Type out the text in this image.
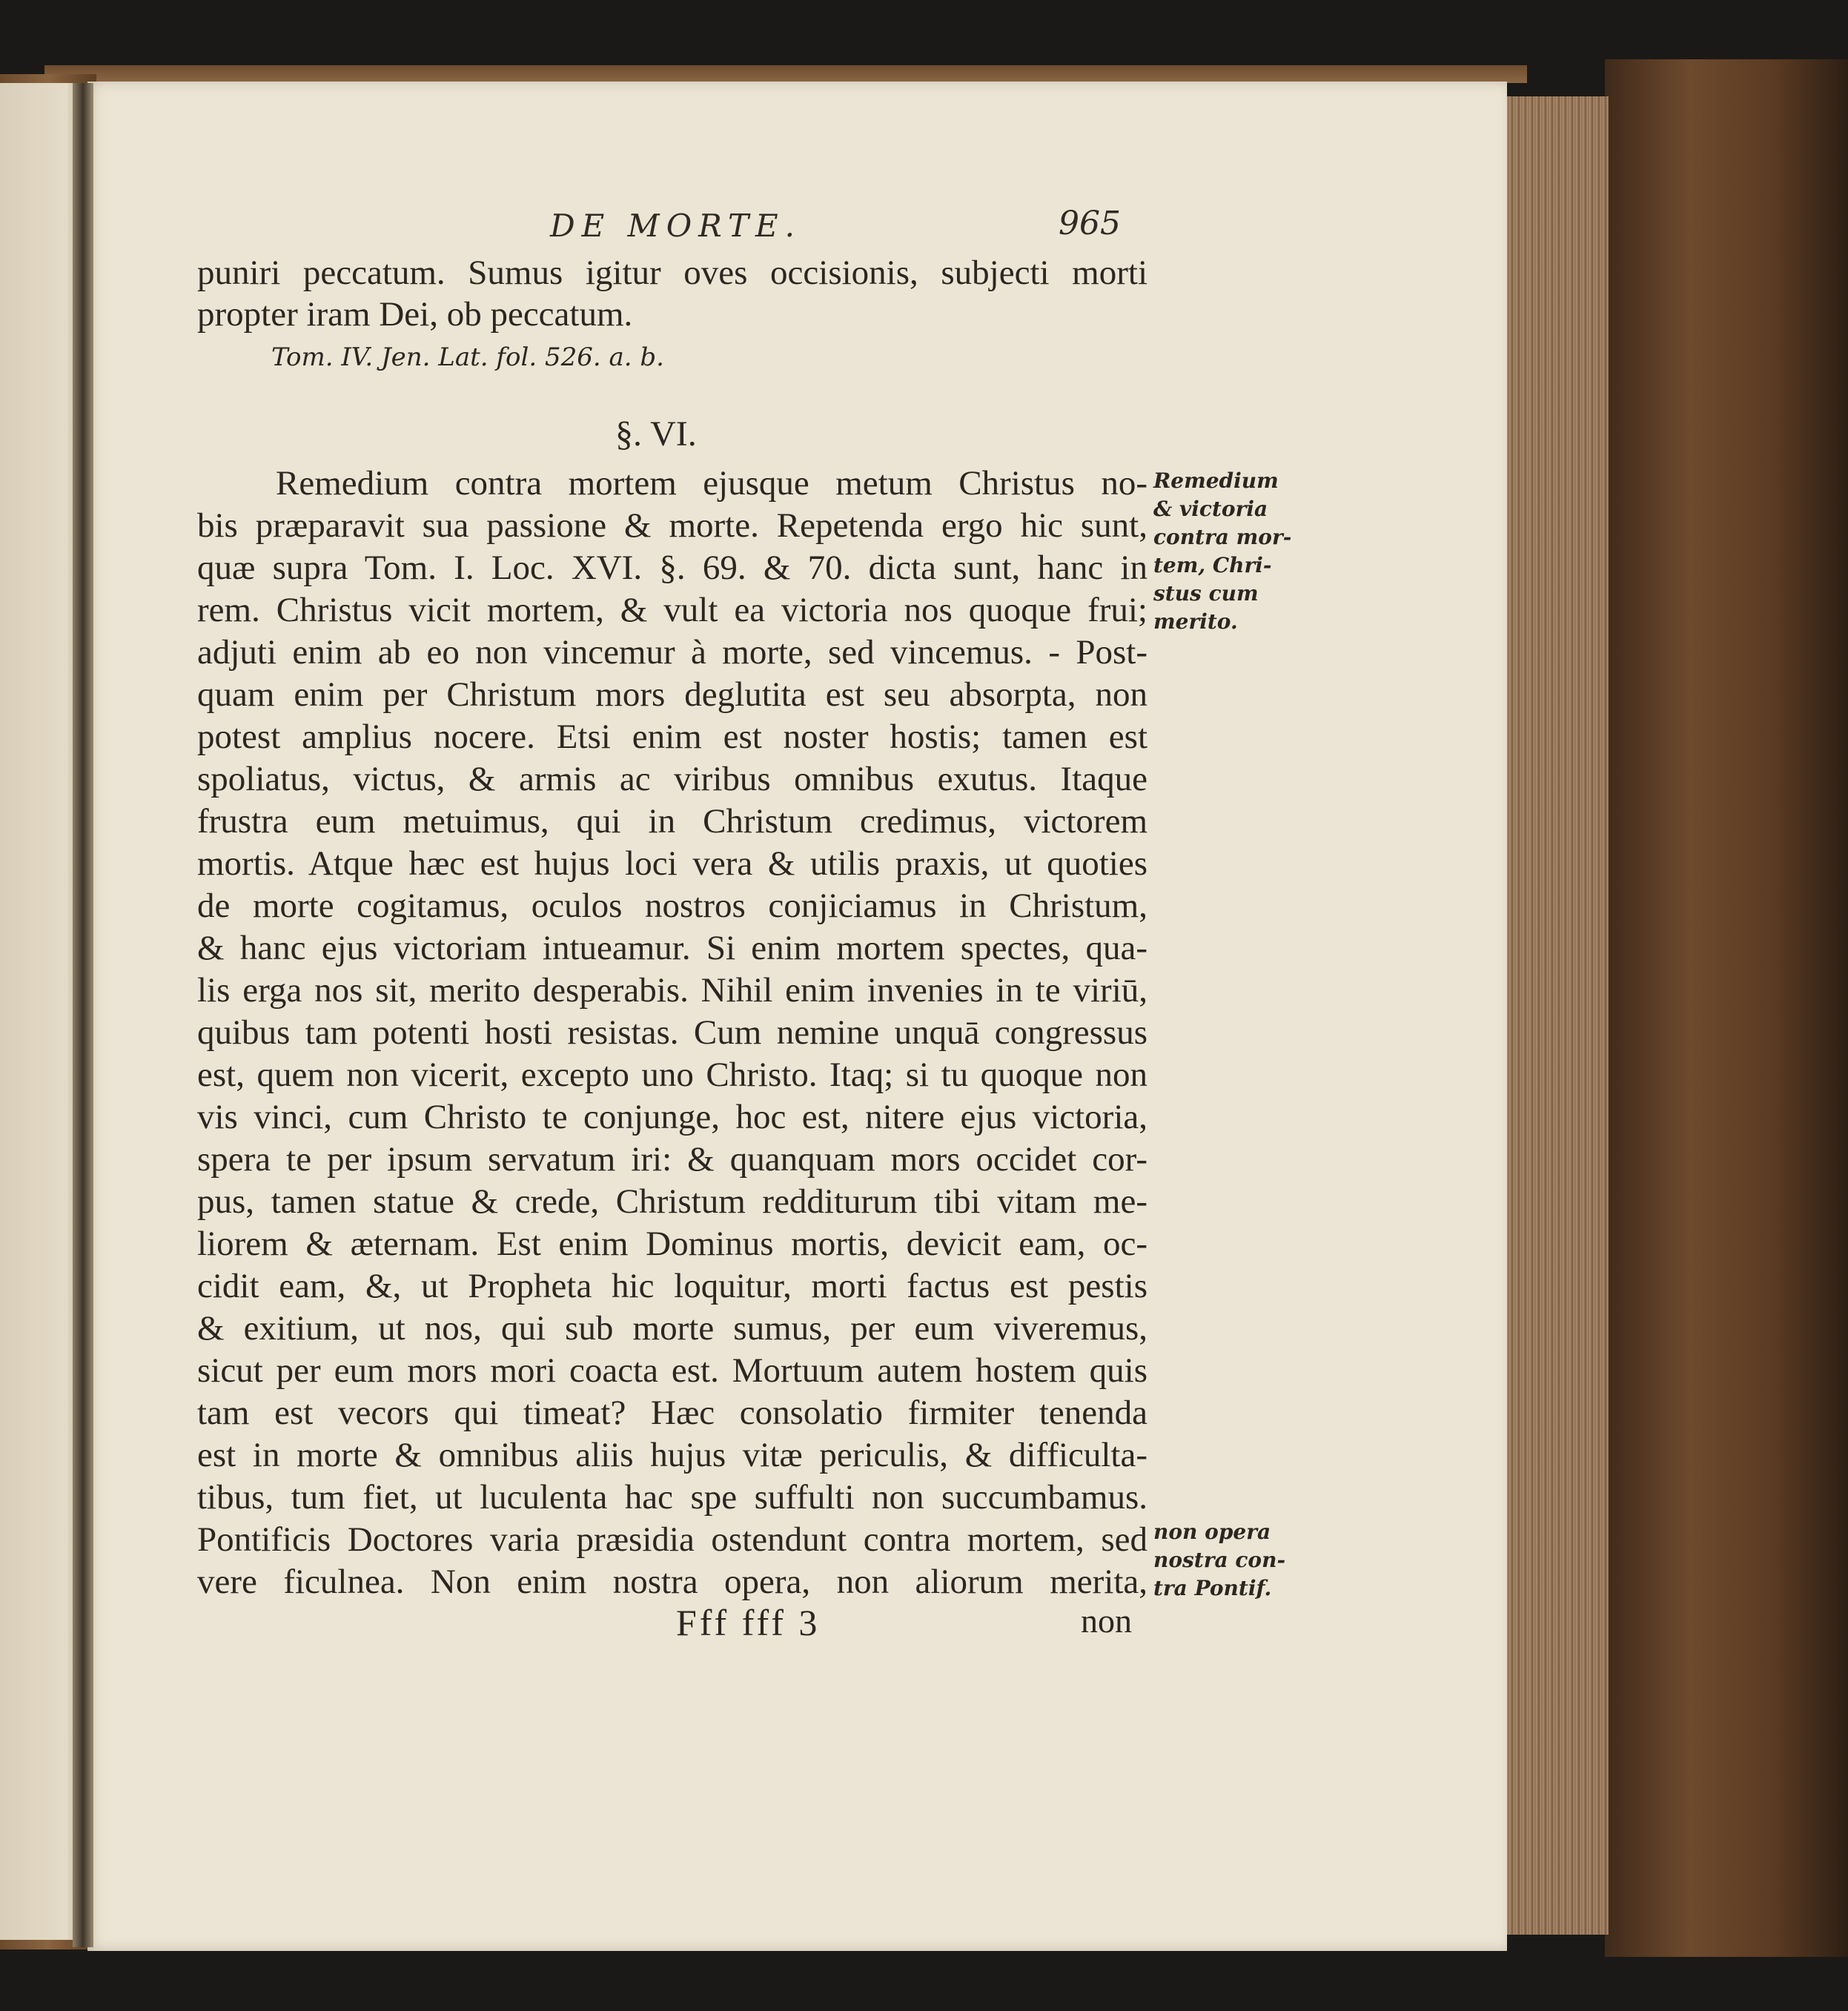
DE MORTE.	965
puniri peccatum. Sumus igitur oves occisionis, subjecti morti
propter iram Dei, ob peccatum.
Tom. IV. Jen. Lat. fol. 526. a. b.
§. VI.
Remedium contra mortem ejusque metum Christus no-
bis præparavit sua passione & morte. Repetenda ergo hic sunt,
quæ supra Tom. I. Loc. XVI. §. 69. & 70. dicta sunt, hanc in
rem. Christus vicit mortem, & vult ea victoria nos quoque frui;
adjuti enim ab eo non vincemur à morte, sed vincemus. - Post-
quam enim per Christum mors deglutita est seu absorpta, non
potest amplius nocere. Etsi enim est noster hostis; tamen est
spoliatus, victus, & armis ac viribus omnibus exutus. Itaque
frustra eum metuimus, qui in Christum credimus, victorem
mortis. Atque hæc est hujus loci vera & utilis praxis, ut quoties
de morte cogitamus, oculos nostros conjiciamus in Christum,
& hanc ejus victoriam intueamur. Si enim mortem spectes, qua-
lis erga nos sit, merito desperabis. Nihil enim invenies in te viriū,
quibus tam potenti hosti resistas. Cum nemine unquā congressus
est, quem non vicerit, excepto uno Christo. Itaq; si tu quoque non
vis vinci, cum Christo te conjunge, hoc est, nitere ejus victoria,
spera te per ipsum servatum iri: & quanquam mors occidet cor-
pus, tamen statue & crede, Christum redditurum tibi vitam me-
liorem & æternam. Est enim Dominus mortis, devicit eam, oc-
cidit eam, &, ut Propheta hic loquitur, morti factus est pestis
& exitium, ut nos, qui sub morte sumus, per eum viveremus,
sicut per eum mors mori coacta est. Mortuum autem hostem quis
tam est vecors qui timeat? Hæc consolatio firmiter tenenda
est in morte & omnibus aliis hujus vitæ periculis, & difficulta-
tibus, tum fiet, ut luculenta hac spe suffulti non succumbamus.
Pontificis Doctores varia præsidia ostendunt contra mortem, sed
vere ficulnea. Non enim nostra opera, non aliorum merita,
Remedium
& victoria
contra mor-
tem, Chri-
stus cum
merito.
non opera
nostra con-
tra Pontif.
Fff fff 3	non
